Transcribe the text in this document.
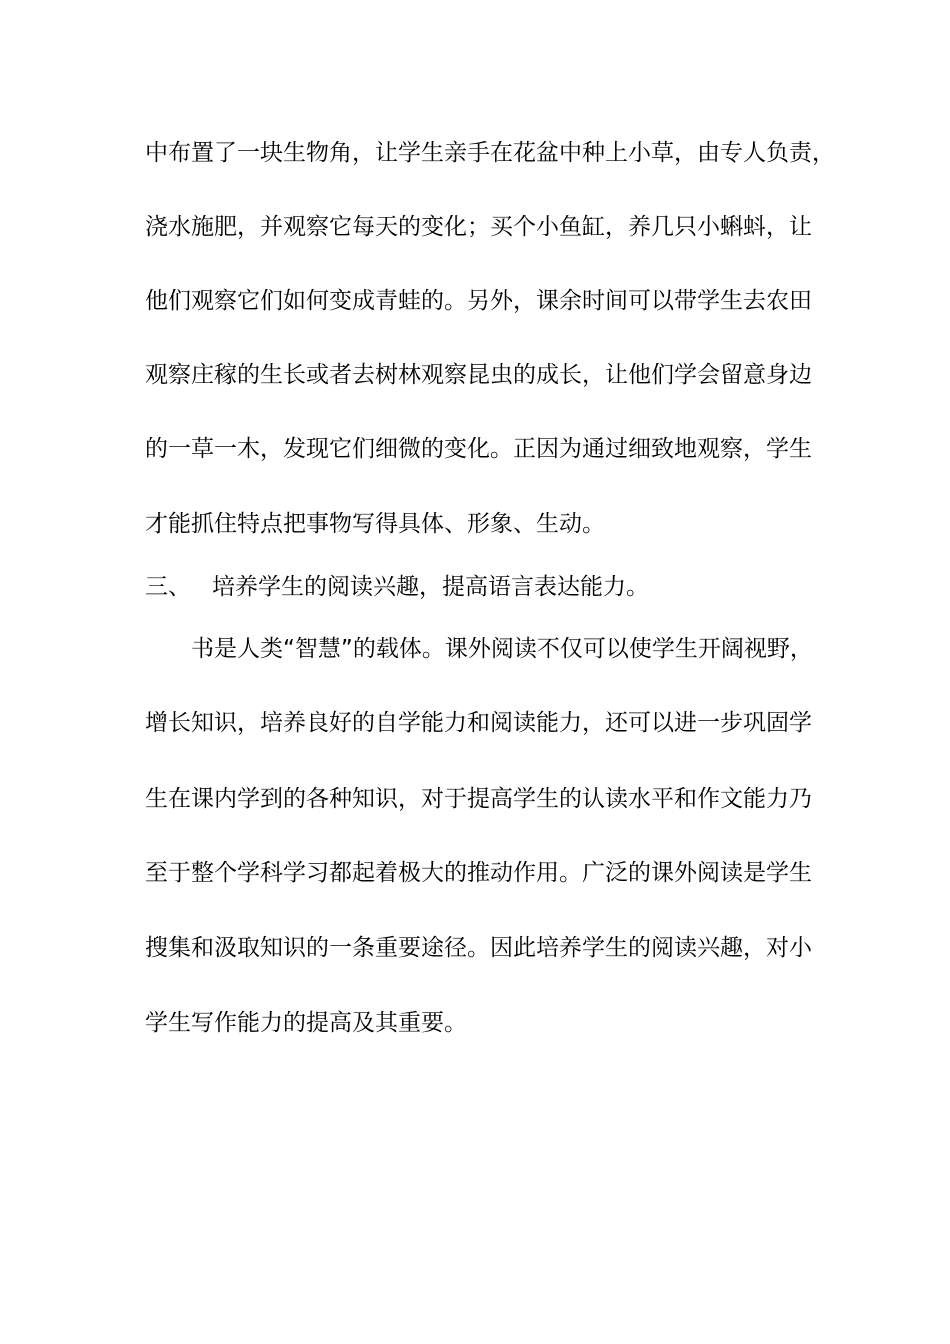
中布置了一块生物角，让学生亲手在花盆中种上小草，由专人负责，
浇水施肥，并观察它每天的变化；买个小鱼缸，养几只小蝌蚪，让
他们观察它们如何变成青蛙的。另外，课余时间可以带学生去农田
观察庄稼的生长或者去树林观察昆虫的成长，让他们学会留意身边
的一草一木，发现它们细微的变化。正因为通过细致地观察，学生
才能抓住特点把事物写得具体、形象、生动。
三、 培养学生的阅读兴趣，提高语言表达能力。
书是人类“智慧”的载体。课外阅读不仅可以使学生开阔视野，
增长知识，培养良好的自学能力和阅读能力，还可以进一步巩固学
生在课内学到的各种知识，对于提高学生的认读水平和作文能力乃
至于整个学科学习都起着极大的推动作用。广泛的课外阅读是学生
搜集和汲取知识的一条重要途径。因此培养学生的阅读兴趣，对小
学生写作能力的提高及其重要。
